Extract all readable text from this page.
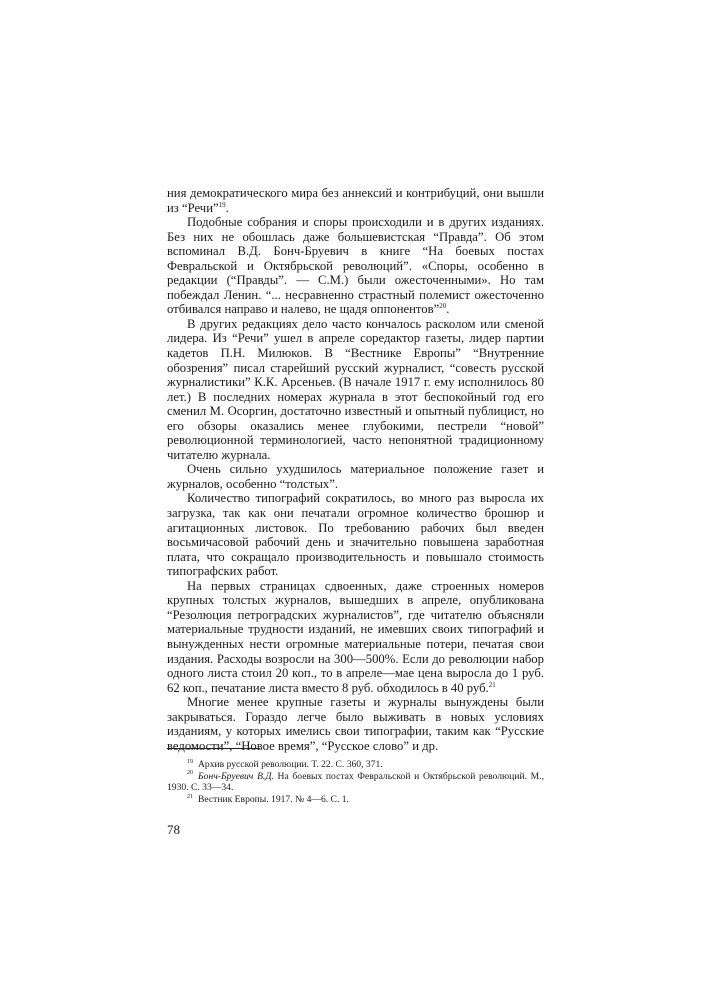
ния демократического мира без аннексий и контрибуций, они вышли из “Речи”$^{19}$.

Подобные собрания и споры происходили и в других изданиях. Без них не обошлась даже большевистская “Правда”. Об этом вспоминал В.Д. Бонч-Бруевич в книге “На боевых постах Февральской и Октябрьской революций”. «Споры, особенно в редакции (“Правды”. — С.М.) были ожесточенными». Но там побеждал Ленин. “... несравненно страстный полемист ожесточенно отбивался направо и налево, не щадя оппонентов”$^{20}$.

В других редакциях дело часто кончалось расколом или сменой лидера. Из “Речи” ушел в апреле соредактор газеты, лидер партии кадетов П.Н. Милюков. В “Вестнике Европы” “Внутренние обозрения” писал старейший русский журналист, “совесть русской журналистики” К.К. Арсеньев. (В начале 1917 г. ему исполнилось 80 лет.) В последних номерах журнала в этот беспокойный год его сменил М. Осоргин, достаточно известный и опытный публицист, но его обзоры оказались менее глубокими, пестрели “новой” революционной терминологией, часто непонятной традиционному читателю журнала.

Очень сильно ухудшилось материальное положение газет и журналов, особенно “толстых”.

Количество типографий сократилось, во много раз выросла их загрузка, так как они печатали огромное количество брошюр и агитационных листовок. По требованию рабочих был введен восьмичасовой рабочий день и значительно повышена заработная плата, что сокращало производительность и повышало стоимость типографских работ.

На первых страницах сдвоенных, даже строенных номеров крупных толстых журналов, вышедших в апреле, опубликована “Резолюция петроградских журналистов”, где читателю объясняли материальные трудности изданий, не имевших своих типографий и вынужденных нести огромные материальные потери, печатая свои издания. Расходы возросли на 300—500%. Если до революции набор одного листа стоил 20 коп., то в апреле—мае цена выросла до 1 руб. 62 коп., печатание листа вместо 8 руб. обходилось в 40 руб.$^{21}$

Многие менее крупные газеты и журналы вынуждены были закрываться. Гораздо легче было выживать в новых условиях изданиям, у которых имелись свои типографии, таким как “Русские ведомости”, “Новое время”, “Русское слово” и др.

$^{19}$ Архив русской революции. Т. 22. С. 360, 371.

$^{20}$ Бонч-Бруевич В.Д. На боевых постах Февральской и Октябрьской революций. М., 1930. С. 33—34.

$^{21}$ Вестник Европы. 1917. № 4—6. С. 1.

78
